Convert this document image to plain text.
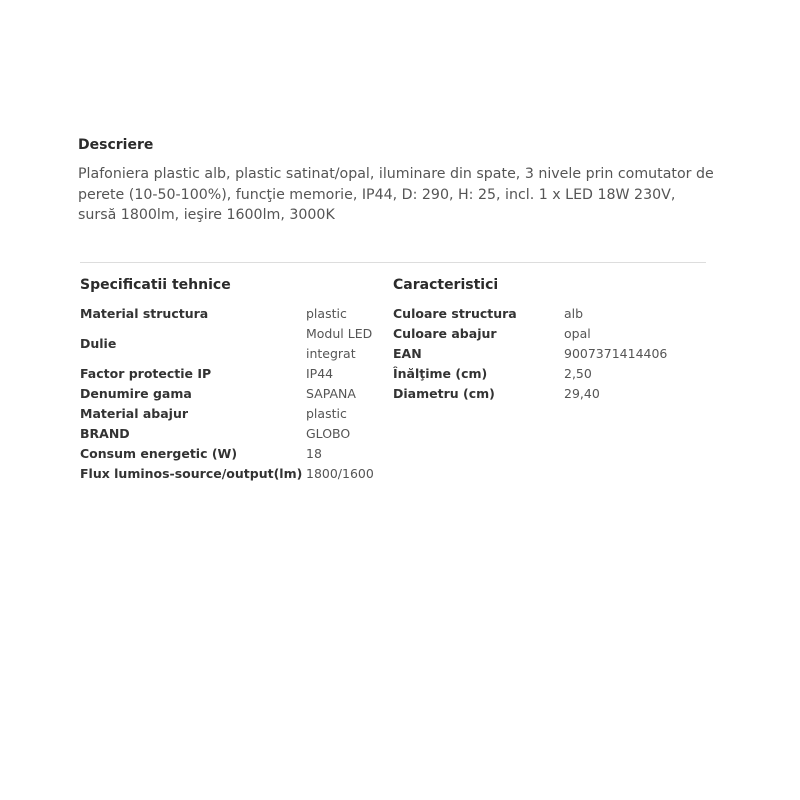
Descriere

Plafoniera plastic alb, plastic satinat/opal, iluminare din spate, 3 nivele prin comutator de perete (10-50-100%), funcţie memorie, IP44, D: 290, H: 25, incl. 1 x LED 18W 230V, sursă 1800lm, ieşire 1600lm, 3000K

Specificatii tehnice
Material structura	plastic
Dulie	Modul LED integrat
Factor protectie IP	IP44
Denumire gama	SAPANA
Material abajur	plastic
BRAND	GLOBO
Consum energetic (W)	18
Flux luminos-source/output(lm)	1800/1600
Caracteristici
Culoare structura	alb
Culoare abajur	opal
EAN	9007371414406
Înălţime (cm)	2,50
Diametru (cm)	29,40
